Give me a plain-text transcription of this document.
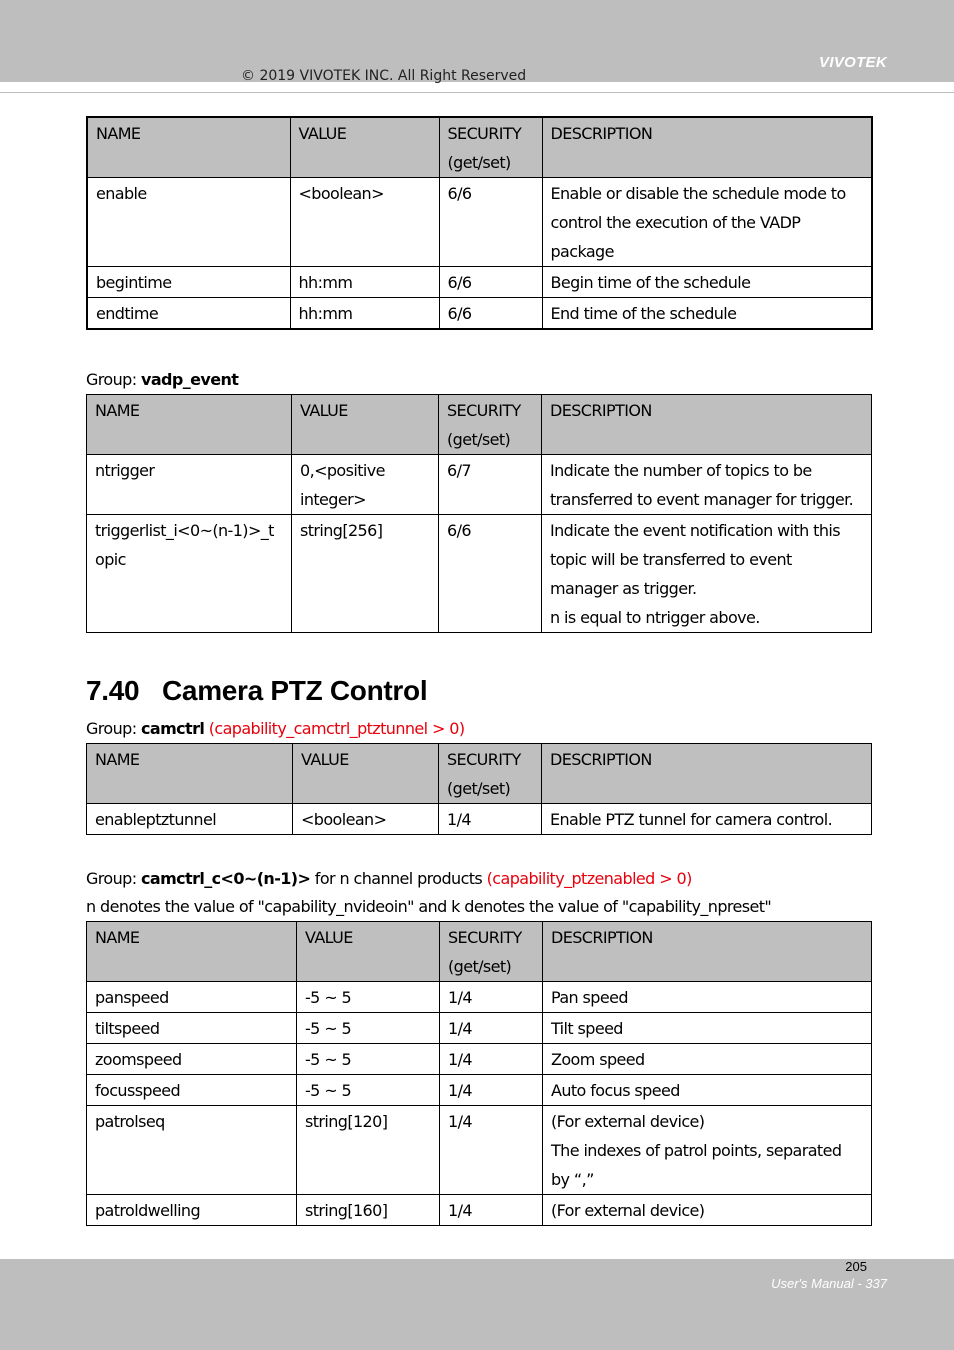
VIVOTEK
© 2019 VIVOTEK INC. All Right Reserved
NAME	VALUE	SECURITY (get/set)	DESCRIPTION
enable	<boolean>	6/6	Enable or disable the schedule mode to control the execution of the VADP package
begintime	hh:mm	6/6	Begin time of the schedule
endtime	hh:mm	6/6	End time of the schedule
Group: vadp_event
NAME	VALUE	SECURITY (get/set)	DESCRIPTION
ntrigger	0,<positive integer>	6/7	Indicate the number of topics to be transferred to event manager for trigger.
triggerlist_i<0~(n-1)>_topic	string[256]	6/6	Indicate the event notification with this topic will be transferred to event manager as trigger.
n is equal to ntrigger above.
7.40 Camera PTZ Control
Group: camctrl (capability_camctrl_ptztunnel > 0)
NAME	VALUE	SECURITY (get/set)	DESCRIPTION
enableptztunnel	<boolean>	1/4	Enable PTZ tunnel for camera control.
Group: camctrl_c<0~(n-1)> for n channel products (capability_ptzenabled > 0)
n denotes the value of "capability_nvideoin" and k denotes the value of "capability_npreset"
NAME	VALUE	SECURITY (get/set)	DESCRIPTION
panspeed	-5 ~ 5	1/4	Pan speed
tiltspeed	-5 ~ 5	1/4	Tilt speed
zoomspeed	-5 ~ 5	1/4	Zoom speed
focusspeed	-5 ~ 5	1/4	Auto focus speed
patrolseq	string[120]	1/4	(For external device)
The indexes of patrol points, separated by “,”

patroldwelling	string[160]	1/4	(For external device)
205
User's Manual - 337
